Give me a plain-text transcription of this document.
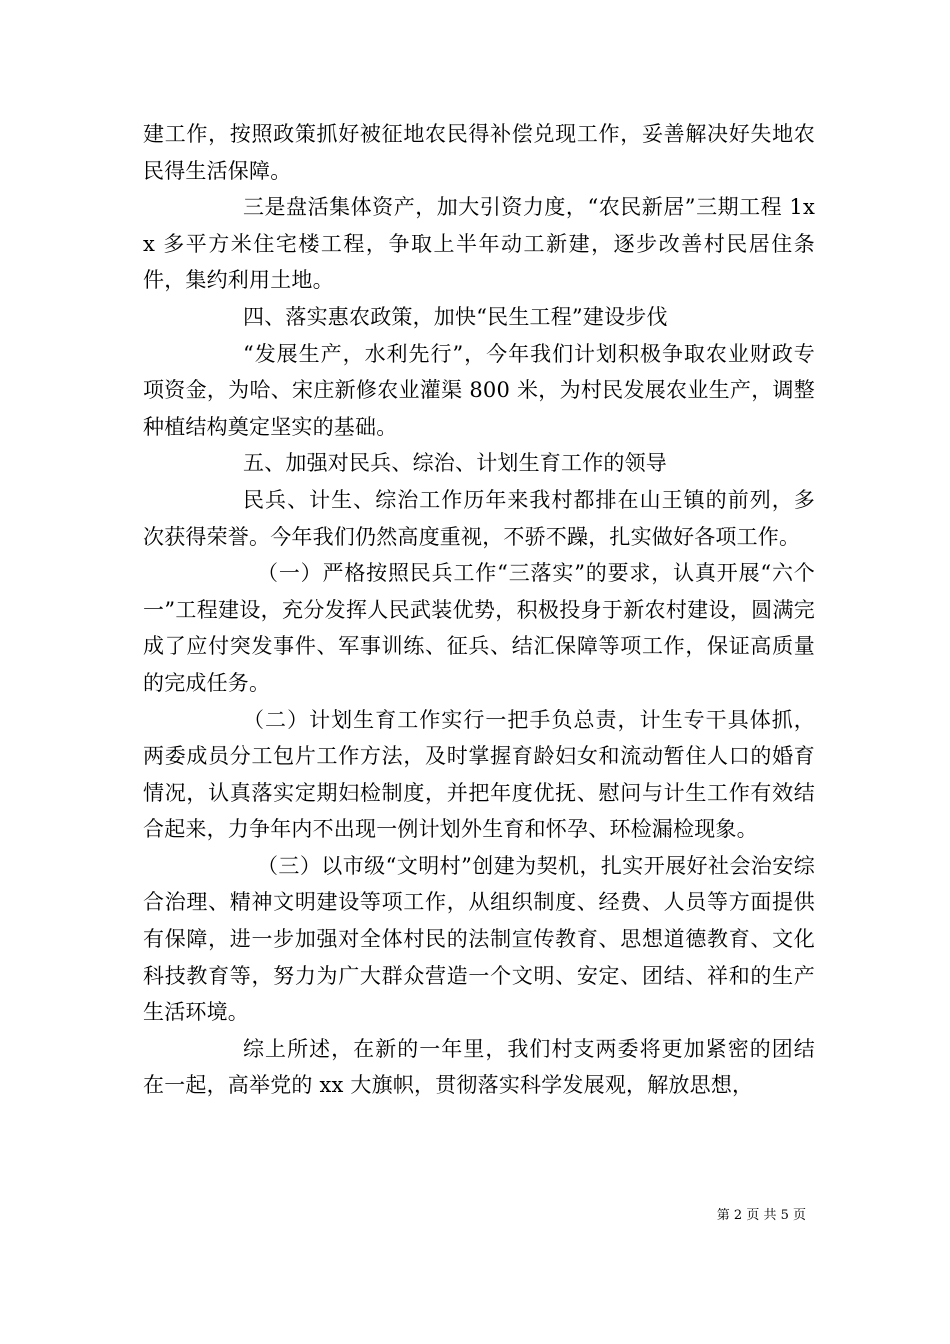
建工作，按照政策抓好被征地农民得补偿兑现工作，妥善解决好失地农民得生活保障。

三是盘活集体资产，加大引资力度，“农民新居”三期工程 1xx 多平方米住宅楼工程，争取上半年动工新建，逐步改善村民居住条件，集约利用土地。

四、落实惠农政策，加快“民生工程”建设步伐

“发展生产，水利先行”，今年我们计划积极争取农业财政专项资金，为哈、宋庄新修农业灌渠 800 米，为村民发展农业生产，调整种植结构奠定坚实的基础。

五、加强对民兵、综治、计划生育工作的领导

民兵、计生、综治工作历年来我村都排在山王镇的前列，多次获得荣誉。今年我们仍然高度重视，不骄不躁，扎实做好各项工作。

（一）严格按照民兵工作“三落实”的要求，认真开展“六个一”工程建设，充分发挥人民武装优势，积极投身于新农村建设，圆满完成了应付突发事件、军事训练、征兵、结汇保障等项工作，保证高质量的完成任务。

（二）计划生育工作实行一把手负总责，计生专干具体抓，两委成员分工包片工作方法，及时掌握育龄妇女和流动暂住人口的婚育情况，认真落实定期妇检制度，并把年度优抚、慰问与计生工作有效结合起来，力争年内不出现一例计划外生育和怀孕、环检漏检现象。

（三）以市级“文明村”创建为契机，扎实开展好社会治安综合治理、精神文明建设等项工作，从组织制度、经费、人员等方面提供有保障，进一步加强对全体村民的法制宣传教育、思想道德教育、文化科技教育等，努力为广大群众营造一个文明、安定、团结、祥和的生产生活环境。

综上所述，在新的一年里，我们村支两委将更加紧密的团结在一起，高举党的 xx 大旗帜，贯彻落实科学发展观，解放思想，

第 2 页 共 5 页
